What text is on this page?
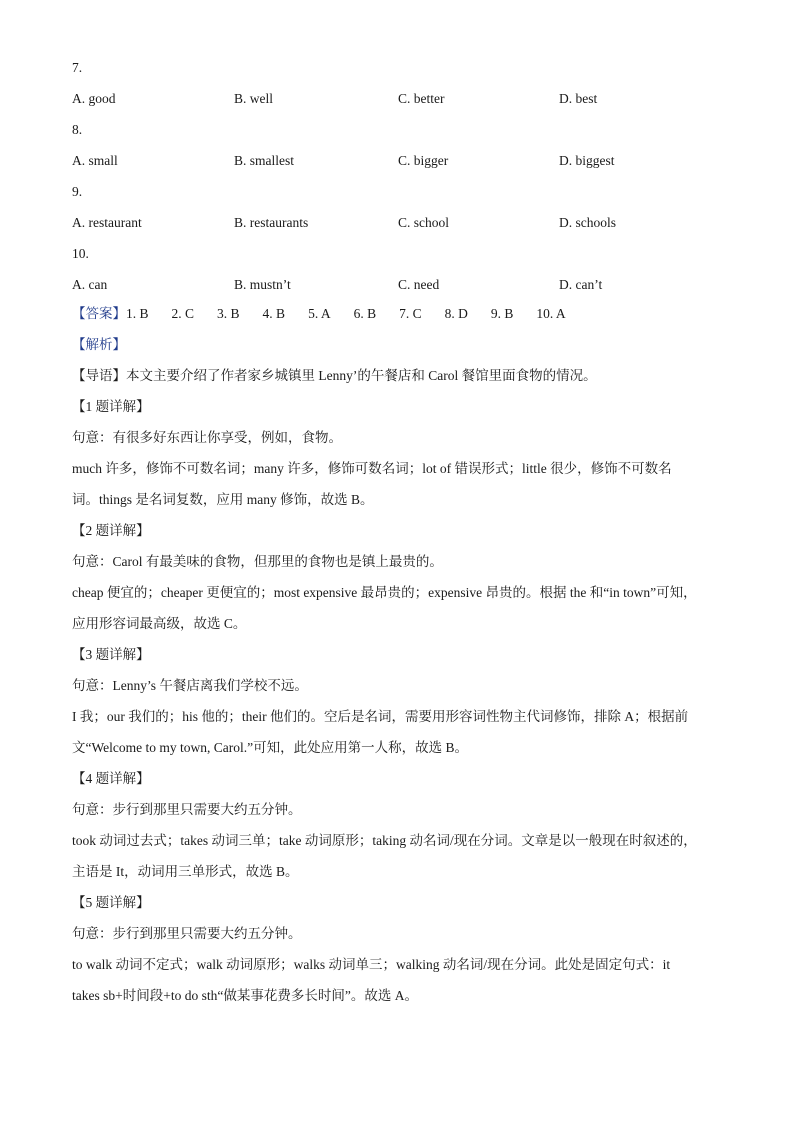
7.
A. good	B. well	C. better	D. best
8.
A. small	B. smallest	C. bigger	D. biggest
9.
A. restaurant	B. restaurants	C. school	D. schools
10.
A. can	B. mustn’t	C. need	D. can’t
【答案】 1. B 2. C 3. B 4. B 5. A 6. B 7. C 8. D 9. B 10. A
【解析】
【导语】本文主要介绍了作者家乡城镇里 Lenny’的午餐店和 Carol 餐馆里面食物的情况。
【1 题详解】
句意：有很多好东西让你享受，例如，食物。
much 许多，修饰不可数名词；many 许多，修饰可数名词；lot of 错误形式；little 很少，修饰不可数名
词。things 是名词复数，应用 many 修饰，故选 B。
【2 题详解】
句意：Carol 有最美味的食物，但那里的食物也是镇上最贵的。
cheap 便宜的；cheaper 更便宜的；most expensive 最昂贵的；expensive 昂贵的。根据 the 和“in town”可知，
应用形容词最高级，故选 C。
【3 题详解】
句意：Lenny’s 午餐店离我们学校不远。
I 我；our 我们的；his 他的；their 他们的。空后是名词，需要用形容词性物主代词修饰，排除 A；根据前
文“Welcome to my town, Carol.”可知，此处应用第一人称，故选 B。
【4 题详解】
句意：步行到那里只需要大约五分钟。
took 动词过去式；takes 动词三单；take 动词原形；taking 动名词/现在分词。文章是以一般现在时叙述的，
主语是 It，动词用三单形式，故选 B。
【5 题详解】
句意：步行到那里只需要大约五分钟。
to walk 动词不定式；walk 动词原形；walks 动词单三；walking 动名词/现在分词。此处是固定句式：it
takes sb+时间段+to do sth“做某事花费多长时间”。故选 A。
